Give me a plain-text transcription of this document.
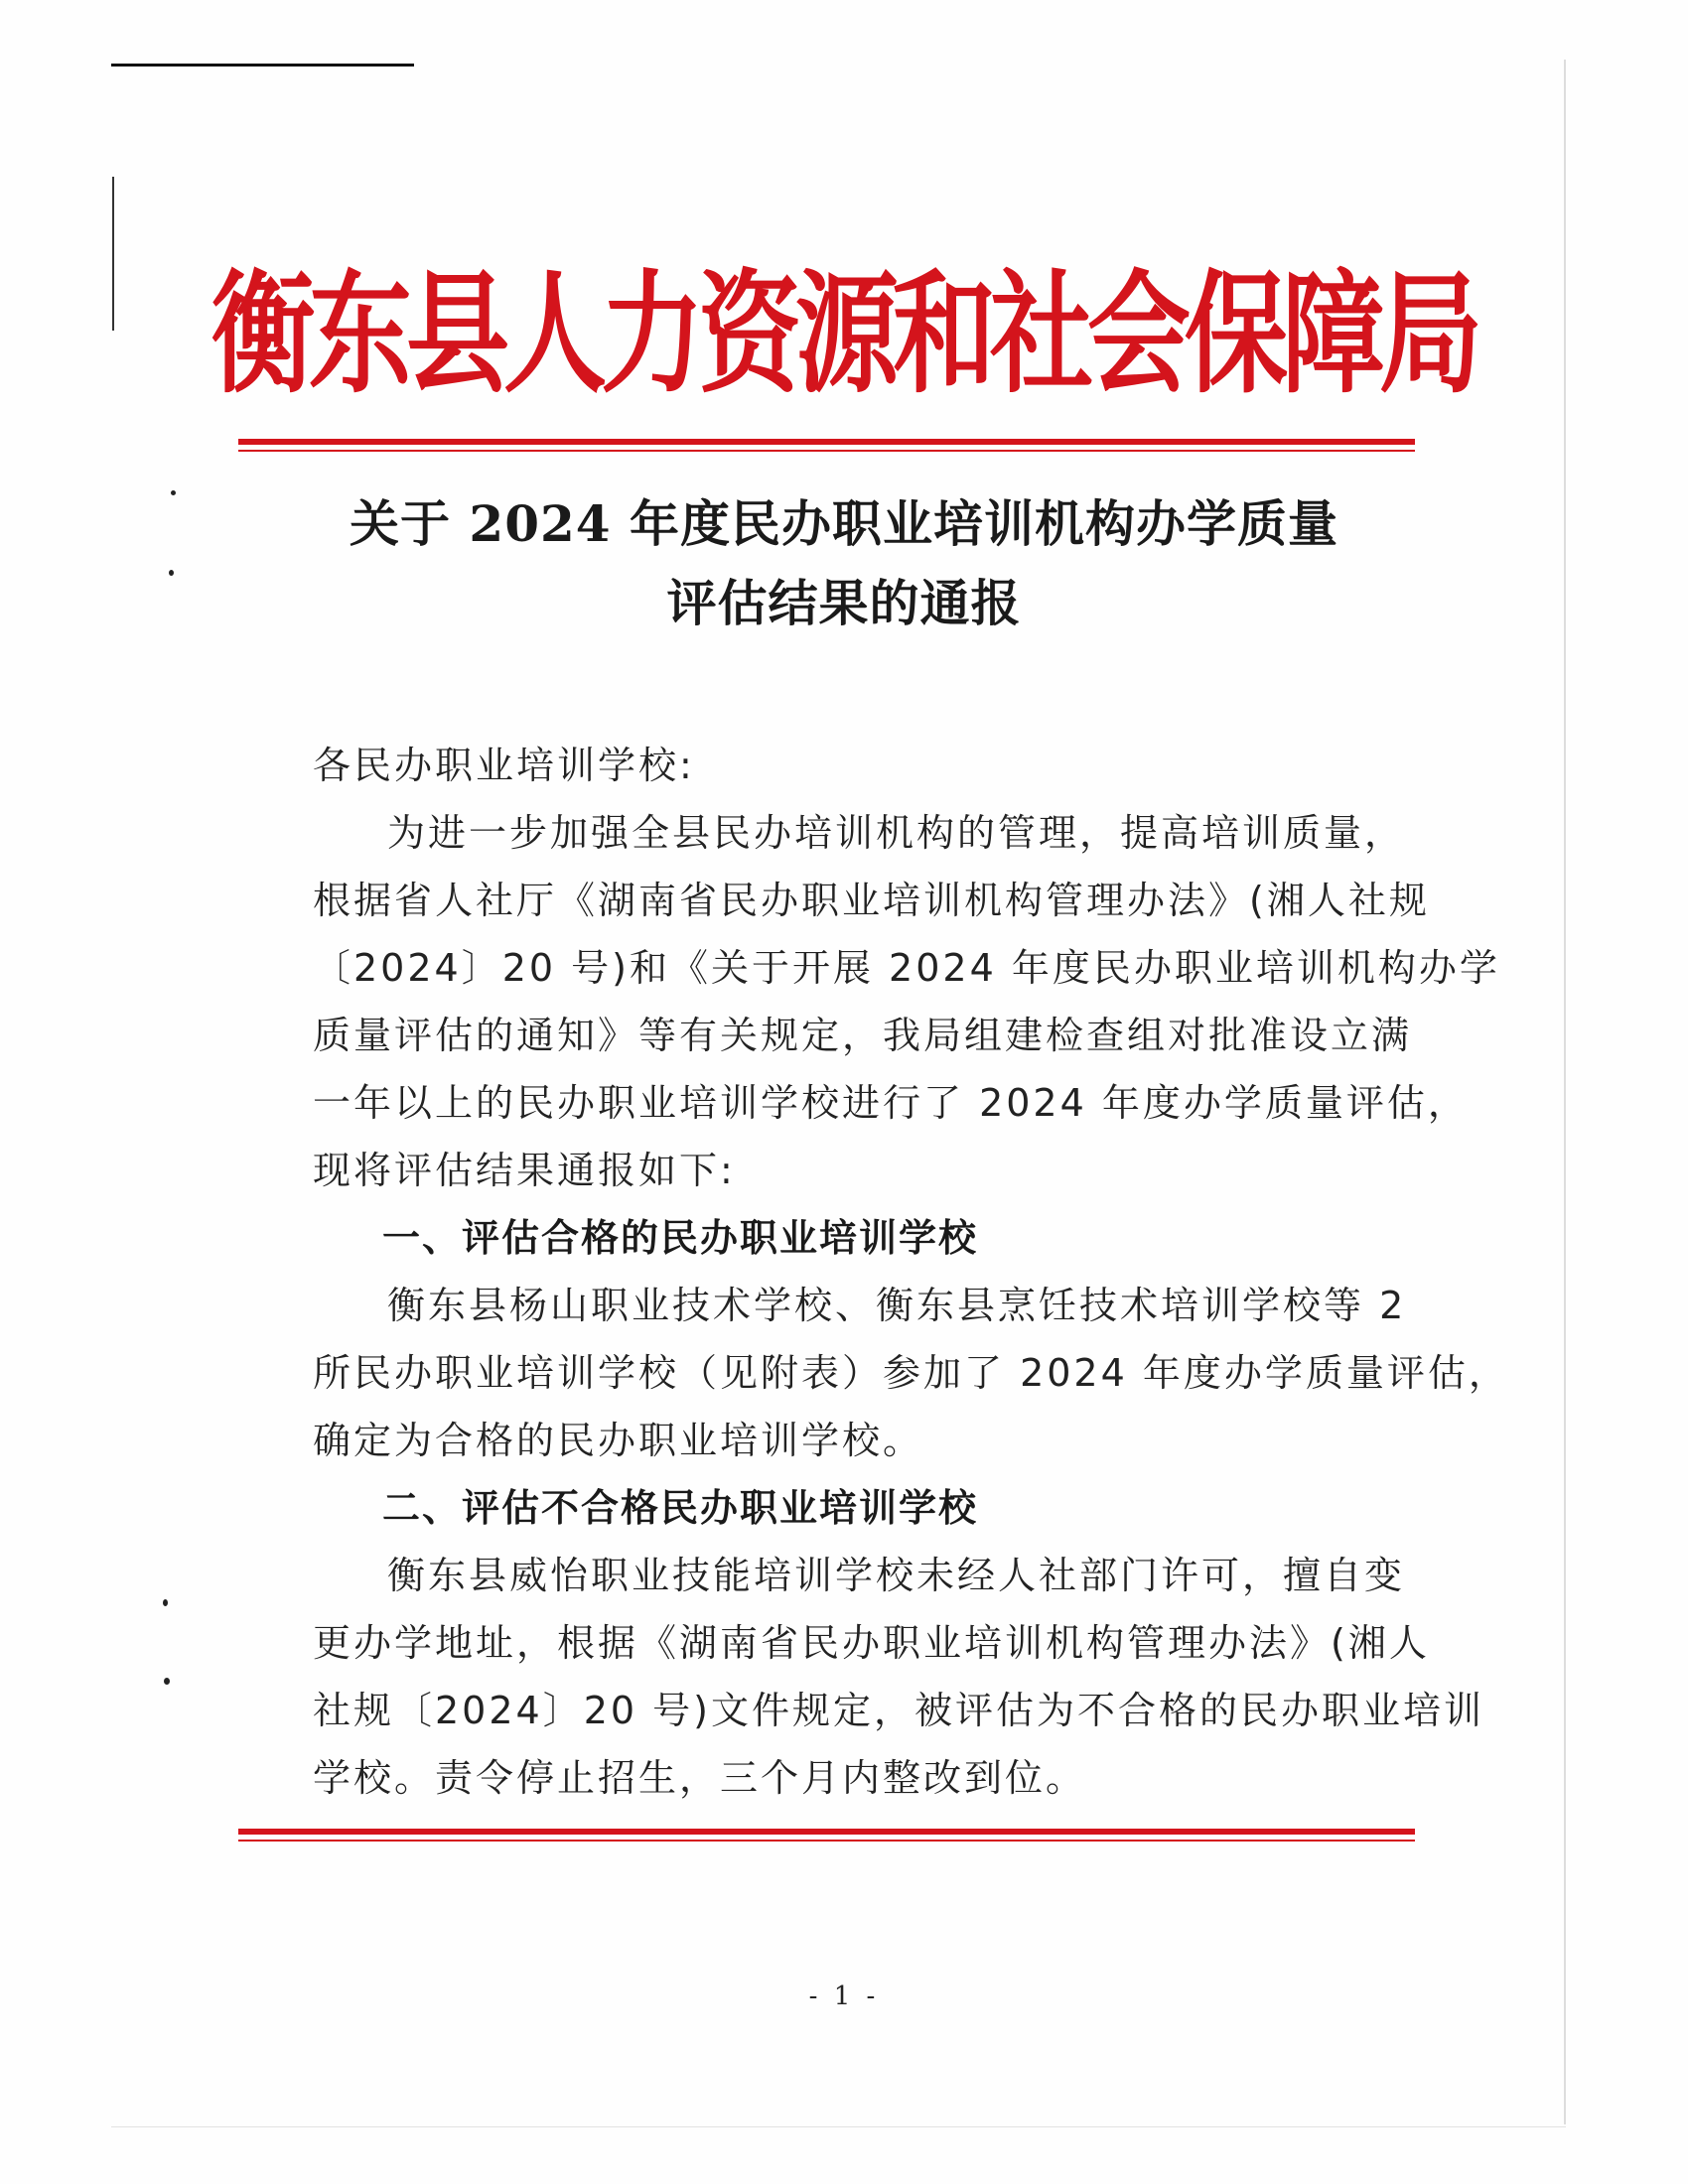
衡东县人力资源和社会保障局
关于 2024 年度民办职业培训机构办学质量
评估结果的通报
各民办职业培训学校:
为进一步加强全县民办培训机构的管理，提高培训质量，
根据省人社厅《湖南省民办职业培训机构管理办法》(湘人社规
〔2024〕20 号)和《关于开展 2024 年度民办职业培训机构办学
质量评估的通知》等有关规定，我局组建检查组对批准设立满
一年以上的民办职业培训学校进行了 2024 年度办学质量评估，
现将评估结果通报如下:
一、评估合格的民办职业培训学校
衡东县杨山职业技术学校、衡东县烹饪技术培训学校等 2
所民办职业培训学校（见附表）参加了 2024 年度办学质量评估，
确定为合格的民办职业培训学校。
二、评估不合格民办职业培训学校
衡东县威怡职业技能培训学校未经人社部门许可，擅自变
更办学地址，根据《湖南省民办职业培训机构管理办法》(湘人
社规〔2024〕20 号)文件规定，被评估为不合格的民办职业培训
学校。责令停止招生，三个月内整改到位。
- 1 -
